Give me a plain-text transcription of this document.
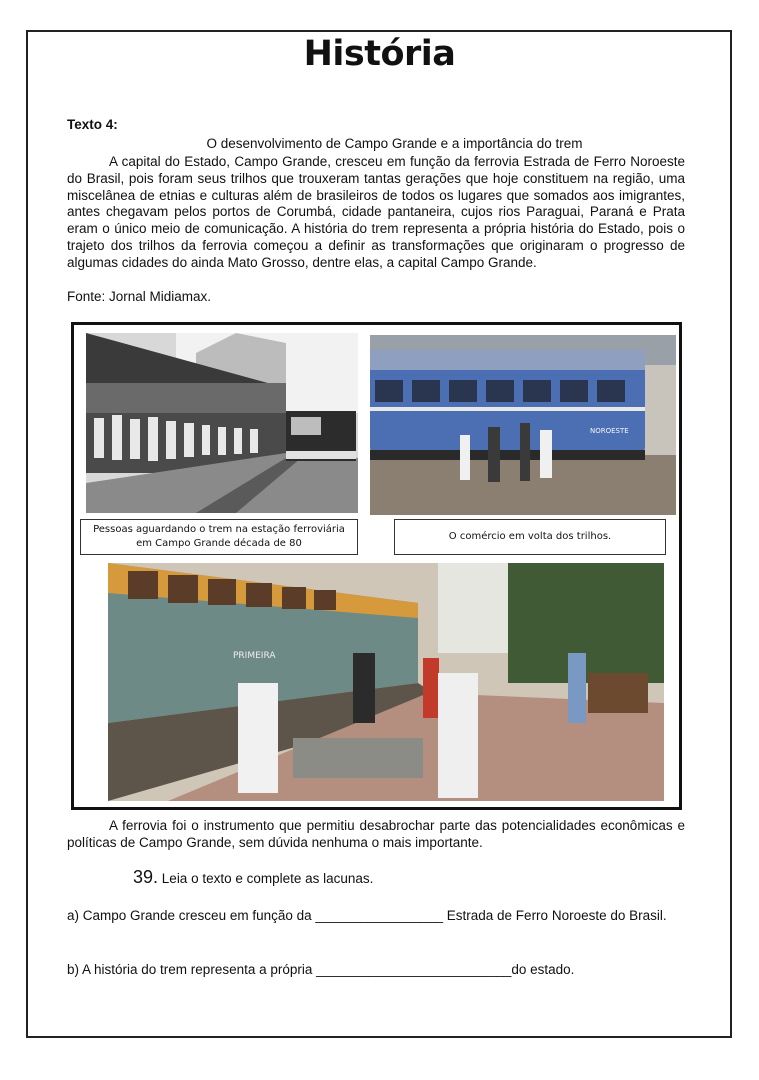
História
Texto 4:
O desenvolvimento de Campo Grande e a importância do trem
A capital do Estado, Campo Grande, cresceu em função da ferrovia Estrada de Ferro Noroeste do Brasil, pois foram seus trilhos que trouxeram tantas gerações que hoje constituem na região, uma miscelânea de etnias e culturas além de brasileiros de todos os lugares que somados aos imigrantes, antes chegavam pelos portos de Corumbá, cidade pantaneira, cujos rios Paraguai, Paraná e Prata eram o único meio de comunicação. A história do trem representa a própria história do Estado, pois o trajeto dos trilhos da ferrovia começou a definir as transformações que originaram o progresso de algumas cidades do ainda Mato Grosso, dentre elas, a capital Campo Grande.
Fonte: Jornal Midiamax.
NOROESTE
Pessoas aguardando o trem na estação ferroviária
em Campo Grande década de 80
O comércio em volta dos trilhos.
PRIMEIRA
A ferrovia foi o instrumento que permitiu desabrochar parte das potencialidades econômicas e políticas de Campo Grande, sem dúvida nenhuma o mais importante.
39. Leia o texto e complete as lacunas.
a) Campo Grande cresceu em função da _________________ Estrada de Ferro Noroeste do Brasil.
b) A história do trem representa a própria __________________________do estado.
